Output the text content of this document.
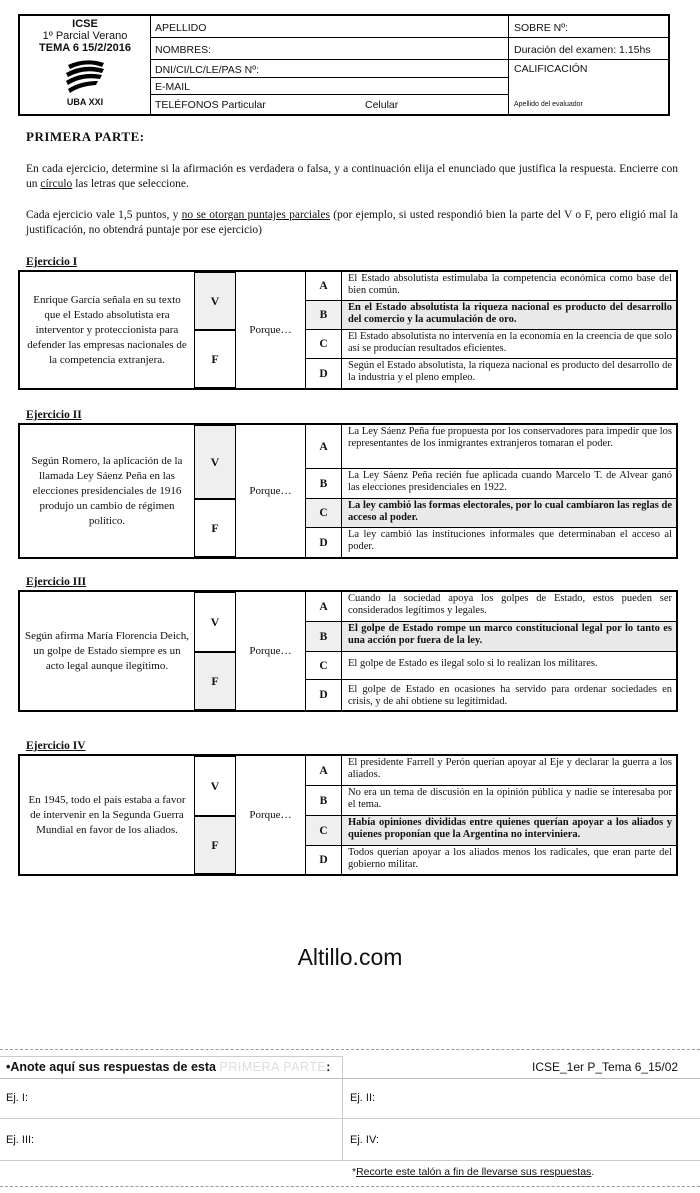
ICSE
1º Parcial Verano
TEMA 6 15/2/2016
UBA XXI
APELLIDO
NOMBRES:
DNI/CI/LC/LE/PAS Nº:
E-MAIL
TELÉFONOS Particular	Celular
SOBRE Nº:
Duración del examen: 1.15hs
CALIFICACIÓN
Apellido del evaluador
PRIMERA PARTE:
En cada ejercicio, determine si la afirmación es verdadera o falsa, y a continuación elija el enunciado que justifica la respuesta. Encierre con un círculo las letras que seleccione.
Cada ejercicio vale 1,5 puntos, y no se otorgan puntajes parciales (por ejemplo, si usted respondió bien la parte del V o F, pero eligió mal la justificación, no obtendrá puntaje por ese ejercicio)
Ejercicio I
Enrique García señala en su texto que el Estado absolutista era interventor y proteccionista para defender las empresas nacionales de la competencia extranjera.
V
F
Porque…
A
El Estado absolutista estimulaba la competencia económica como base del bien común.
B
En el Estado absolutista la riqueza nacional es producto del desarrollo del comercio y la acumulación de oro.
C
El Estado absolutista no intervenía en la economía en la creencia de que solo así se producían resultados eficientes.
D
Según el Estado absolutista, la riqueza nacional es producto del desarrollo de la industria y el pleno empleo.
Ejercicio II
Según Romero, la aplicación de la llamada Ley Sáenz Peña en las elecciones presidenciales de 1916 produjo un cambio de régimen político.
V
F
Porque…
A
La Ley Sáenz Peña fue propuesta por los conservadores para impedir que los representantes de los inmigrantes extranjeros tomaran el poder.
B
La Ley Sáenz Peña recién fue aplicada cuando Marcelo T. de Alvear ganó las elecciones presidenciales en 1922.
C
La ley cambió las formas electorales, por lo cual cambiaron las reglas de acceso al poder.
D
La ley cambió las instituciones informales que determinaban el acceso al poder.
Ejercicio III
Según afirma María Florencia Deich, un golpe de Estado siempre es un acto legal aunque ilegítimo.
V
F
Porque…
A
Cuando la sociedad apoya los golpes de Estado, estos pueden ser considerados legítimos y legales.
B
El golpe de Estado rompe un marco constitucional legal por lo tanto es una acción por fuera de la ley.
C	El golpe de Estado es ilegal solo si lo realizan los militares.
D	El golpe de Estado en ocasiones ha servido para ordenar sociedades en crisis, y de ahí obtiene su legitimidad.
Ejercicio IV
En 1945, todo el país estaba a favor de intervenir en la Segunda Guerra Mundial en favor de los aliados.
V
F
Porque…
A
El presidente Farrell y Perón querían apoyar al Eje y declarar la guerra a los aliados.
B
No era un tema de discusión en la opinión pública y nadie se interesaba por el tema.
C
Había opiniones divididas entre quienes querían apoyar a los aliados y quienes proponían que la Argentina no interviniera.
D
Todos querían apoyar a los aliados menos los radicales, que eran parte del gobierno militar.
Altillo.com
•Anote aquí sus respuestas de esta PRIMERA PARTE:	ICSE_1er P_Tema 6_15/02
Ej. I:	Ej. II:
Ej. III:	Ej. IV:
*Recorte este talón a fin de llevarse sus respuestas.
